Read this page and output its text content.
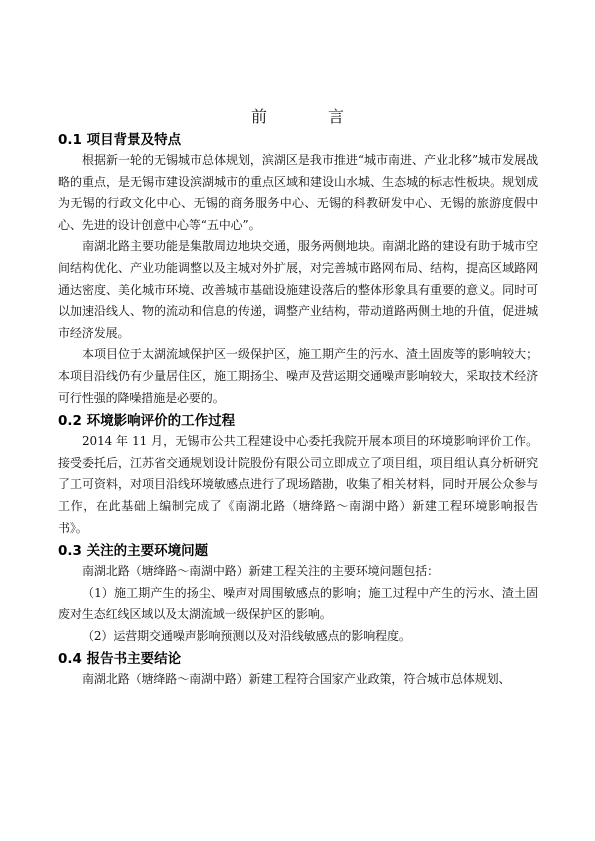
前 言
0.1 项目背景及特点

根据新一轮的无锡城市总体规划，滨湖区是我市推进“城市南进、产业北移”城市发展战略的重点，是无锡市建设滨湖城市的重点区域和建设山水城、生态城的标志性板块。规划成为无锡的行政文化中心、无锡的商务服务中心、无锡的科教研发中心、无锡的旅游度假中心、先进的设计创意中心等“五中心”。

南湖北路主要功能是集散周边地块交通，服务两侧地块。南湖北路的建设有助于城市空间结构优化、产业功能调整以及主城对外扩展，对完善城市路网布局、结构，提高区域路网通达密度、美化城市环境、改善城市基础设施建设落后的整体形象具有重要的意义。同时可以加速沿线人、物的流动和信息的传递，调整产业结构，带动道路两侧土地的升值，促进城市经济发展。

本项目位于太湖流域保护区一级保护区，施工期产生的污水、渣土固废等的影响较大；本项目沿线仍有少量居住区，施工期扬尘、噪声及营运期交通噪声影响较大，采取技术经济可行性强的降噪措施是必要的。

0.2 环境影响评价的工作过程

2014 年 11 月，无锡市公共工程建设中心委托我院开展本项目的环境影响评价工作。接受委托后，江苏省交通规划设计院股份有限公司立即成立了项目组，项目组认真分析研究了工可资料，对项目沿线环境敏感点进行了现场踏勘，收集了相关材料，同时开展公众参与工作，在此基础上编制完成了《南湖北路（塘绛路～南湖中路）新建工程环境影响报告书》。

0.3 关注的主要环境问题

南湖北路（塘绛路～南湖中路）新建工程关注的主要环境问题包括：

（1）施工期产生的扬尘、噪声对周围敏感点的影响；施工过程中产生的污水、渣土固废对生态红线区域以及太湖流域一级保护区的影响。

（2）运营期交通噪声影响预测以及对沿线敏感点的影响程度。

0.4 报告书主要结论

南湖北路（塘绛路～南湖中路）新建工程符合国家产业政策，符合城市总体规划、
